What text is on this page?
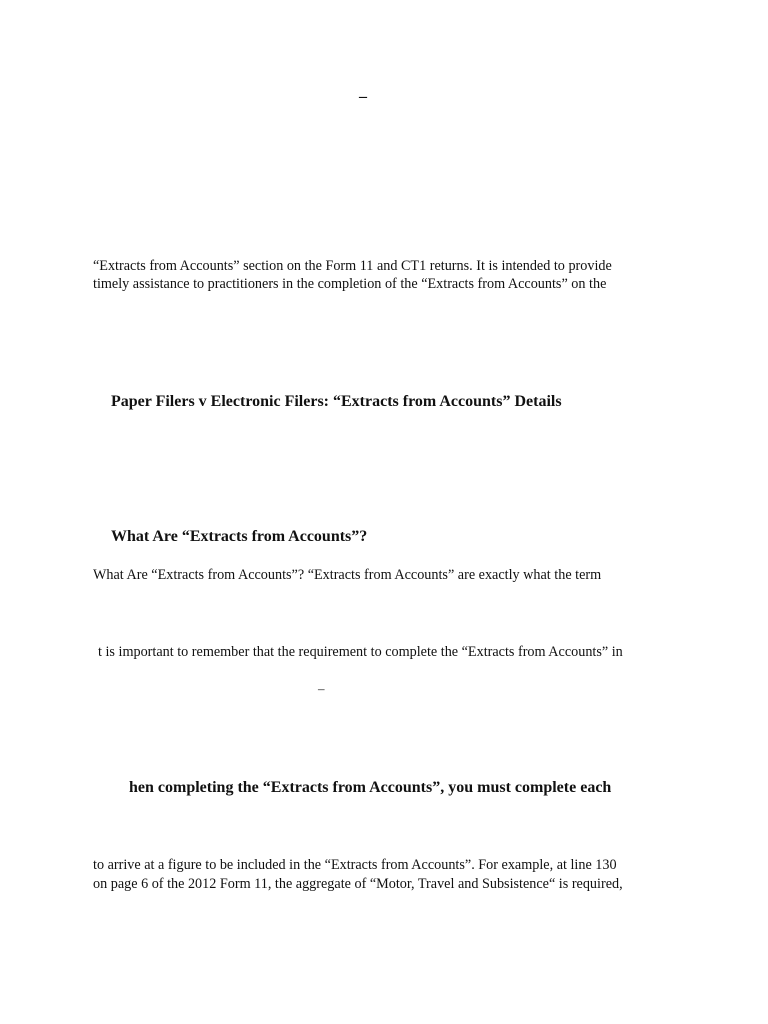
–
“Extracts from Accounts” section on the Form 11 and CT1 returns. It is intended to provide
timely assistance to practitioners in the completion of the “Extracts from Accounts” on the
Paper Filers v Electronic Filers: “Extracts from Accounts” Details
What Are “Extracts from Accounts”?
What Are “Extracts from Accounts”? “Extracts from Accounts” are exactly what the term
t is important to remember that the requirement to complete the “Extracts from Accounts” in
–
hen completing the “Extracts from Accounts”, you must complete each
to arrive at a figure to be included in the “Extracts from Accounts”. For example, at line 130
on page 6 of the 2012 Form 11, the aggregate of “Motor, Travel and Subsistence“ is required,
